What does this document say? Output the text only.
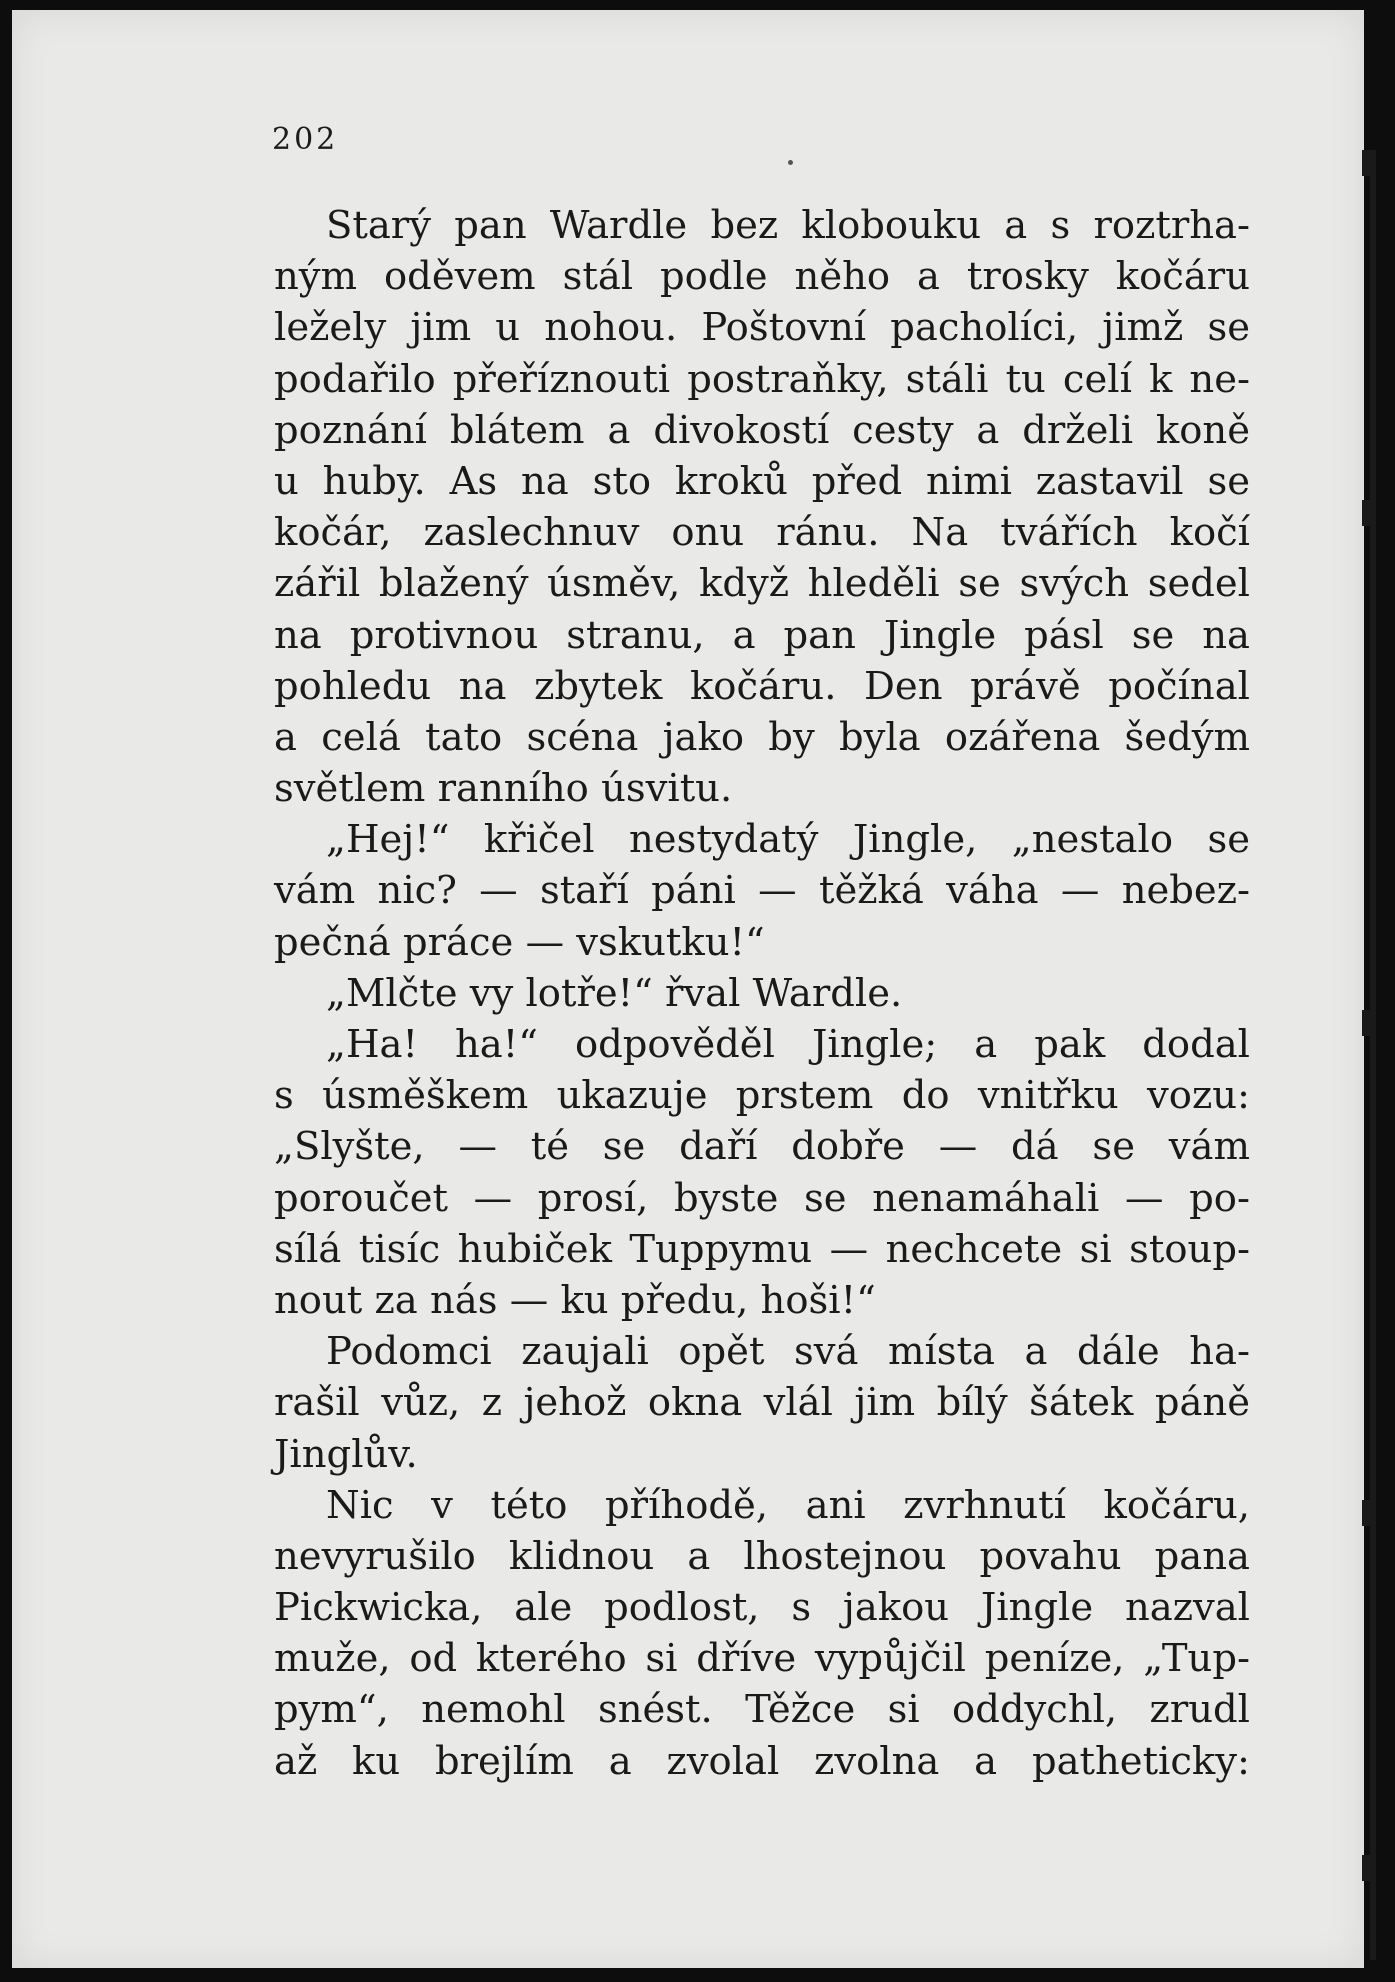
202
Starý pan Wardle bez klobouku a s roztrha-
ným oděvem stál podle něho a trosky kočáru
ležely jim u nohou. Poštovní pacholíci, jimž se
podařilo přeříznouti postraňky, stáli tu celí k ne-
poznání blátem a divokostí cesty a drželi koně
u huby. As na sto kroků před nimi zastavil se
kočár, zaslechnuv onu ránu. Na tvářích kočí
zářil blažený úsměv, když hleděli se svých sedel
na protivnou stranu, a pan Jingle pásl se na
pohledu na zbytek kočáru. Den právě počínal
a celá tato scéna jako by byla ozářena šedým
světlem ranního úsvitu.
„Hej!“ křičel nestydatý Jingle, „nestalo se
vám nic? — staří páni — těžká váha — nebez-
pečná práce — vskutku!“
„Mlčte vy lotře!“ řval Wardle.
„Ha! ha!“ odpověděl Jingle; a pak dodal
s úsměškem ukazuje prstem do vnitřku vozu:
„Slyšte, — té se daří dobře — dá se vám
poroučet — prosí, byste se nenamáhali — po-
sílá tisíc hubiček Tuppymu — nechcete si stoup-
nout za nás — ku předu, hoši!“
Podomci zaujali opět svá místa a dále ha-
rašil vůz, z jehož okna vlál jim bílý šátek páně
Jinglův.
Nic v této příhodě, ani zvrhnutí kočáru,
nevyrušilo klidnou a lhostejnou povahu pana
Pickwicka, ale podlost, s jakou Jingle nazval
muže, od kterého si dříve vypůjčil peníze, „Tup-
pym“, nemohl snést. Těžce si oddychl, zrudl
až ku brejlím a zvolal zvolna a patheticky:
